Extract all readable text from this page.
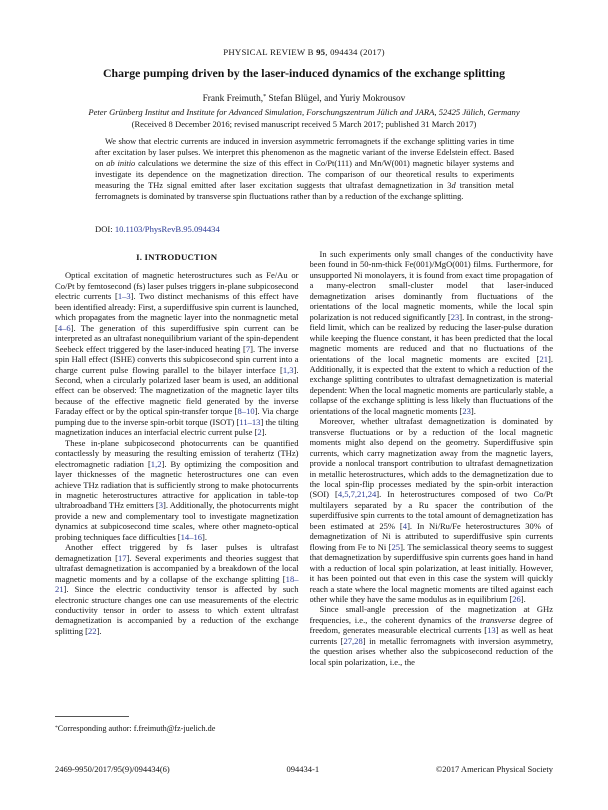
PHYSICAL REVIEW B 95, 094434 (2017)
Charge pumping driven by the laser-induced dynamics of the exchange splitting
Frank Freimuth,* Stefan Blügel, and Yuriy Mokrousov
Peter Grünberg Institut and Institute for Advanced Simulation, Forschungszentrum Jülich and JARA, 52425 Jülich, Germany
(Received 8 December 2016; revised manuscript received 5 March 2017; published 31 March 2017)
We show that electric currents are induced in inversion asymmetric ferromagnets if the exchange splitting varies in time after excitation by laser pulses. We interpret this phenomenon as the magnetic variant of the inverse Edelstein effect. Based on ab initio calculations we determine the size of this effect in Co/Pt(111) and Mn/W(001) magnetic bilayer systems and investigate its dependence on the magnetization direction. The comparison of our theoretical results to experiments measuring the THz signal emitted after laser excitation suggests that ultrafast demagnetization in 3d transition metal ferromagnets is dominated by transverse spin fluctuations rather than by a reduction of the exchange splitting.
DOI: 10.1103/PhysRevB.95.094434
I. INTRODUCTION

Optical excitation of magnetic heterostructures such as Fe/Au or Co/Pt by femtosecond (fs) laser pulses triggers in-plane subpicosecond electric currents [1–3]. Two distinct mechanisms of this effect have been identified already: First, a superdiffusive spin current is launched, which propagates from the magnetic layer into the nonmagnetic metal [4–6]. The generation of this superdiffusive spin current can be interpreted as an ultrafast nonequilibrium variant of the spin-dependent Seebeck effect triggered by the laser-induced heating [7]. The inverse spin Hall effect (ISHE) converts this subpicosecond spin current into a charge current pulse flowing parallel to the bilayer interface [1,3]. Second, when a circularly polarized laser beam is used, an additional effect can be observed: The magnetization of the magnetic layer tilts because of the effective magnetic field generated by the inverse Faraday effect or by the optical spin-transfer torque [8–10]. Via charge pumping due to the inverse spin-orbit torque (ISOT) [11–13] the tilting magnetization induces an interfacial electric current pulse [2].

These in-plane subpicosecond photocurrents can be quantified contactlessly by measuring the resulting emission of terahertz (THz) electromagnetic radiation [1,2]. By optimizing the composition and layer thicknesses of the magnetic heterostructures one can even achieve THz radiation that is sufficiently strong to make photocurrents in magnetic heterostructures attractive for application in table-top ultrabroadband THz emitters [3]. Additionally, the photocurrents might provide a new and complementary tool to investigate magnetization dynamics at subpicosecond time scales, where other magneto-optical probing techniques face difficulties [14–16].

Another effect triggered by fs laser pulses is ultrafast demagnetization [17]. Several experiments and theories suggest that ultrafast demagnetization is accompanied by a breakdown of the local magnetic moments and by a collapse of the exchange splitting [18–21]. Since the electric conductivity tensor is affected by such electronic structure changes one can use measurements of the electric conductivity tensor in order to assess to which extent ultrafast demagnetization is accompanied by a reduction of the exchange splitting [22].

In such experiments only small changes of the conductivity have been found in 50-nm-thick Fe(001)/MgO(001) films. Furthermore, for unsupported Ni monolayers, it is found from exact time propagation of a many-electron small-cluster model that laser-induced demagnetization arises dominantly from fluctuations of the orientations of the local magnetic moments, while the local spin polarization is not reduced significantly [23]. In contrast, in the strong-field limit, which can be realized by reducing the laser-pulse duration while keeping the fluence constant, it has been predicted that the local magnetic moments are reduced and that no fluctuations of the orientations of the local magnetic moments are excited [21]. Additionally, it is expected that the extent to which a reduction of the exchange splitting contributes to ultrafast demagnetization is material dependent: When the local magnetic moments are particularly stable, a collapse of the exchange splitting is less likely than fluctuations of the orientations of the local magnetic moments [23].

Moreover, whether ultrafast demagnetization is dominated by transverse fluctuations or by a reduction of the local magnetic moments might also depend on the geometry. Superdiffusive spin currents, which carry magnetization away from the magnetic layers, provide a nonlocal transport contribution to ultrafast demagnetization in metallic heterostructures, which adds to the demagnetization due to the local spin-flip processes mediated by the spin-orbit interaction (SOI) [4,5,7,21,24]. In heterostructures composed of two Co/Pt multilayers separated by a Ru spacer the contribution of the superdiffusive spin currents to the total amount of demagnetization has been estimated at 25% [4]. In Ni/Ru/Fe heterostructures 30% of demagnetization of Ni is attributed to superdiffusive spin currents flowing from Fe to Ni [25]. The semiclassical theory seems to suggest that demagnetization by superdiffusive spin currents goes hand in hand with a reduction of local spin polarization, at least initially. However, it has been pointed out that even in this case the system will quickly reach a state where the local magnetic moments are tilted against each other while they have the same modulus as in equilibrium [26].

Since small-angle precession of the magnetization at GHz frequencies, i.e., the coherent dynamics of the transverse degree of freedom, generates measurable electrical currents [13] as well as heat currents [27,28] in metallic ferromagnets with inversion asymmetry, the question arises whether also the subpicosecond reduction of the local spin polarization, i.e., the

*Corresponding author: f.freimuth@fz-juelich.de
2469-9950/2017/95(9)/094434(6)	094434-1	©2017 American Physical Society
